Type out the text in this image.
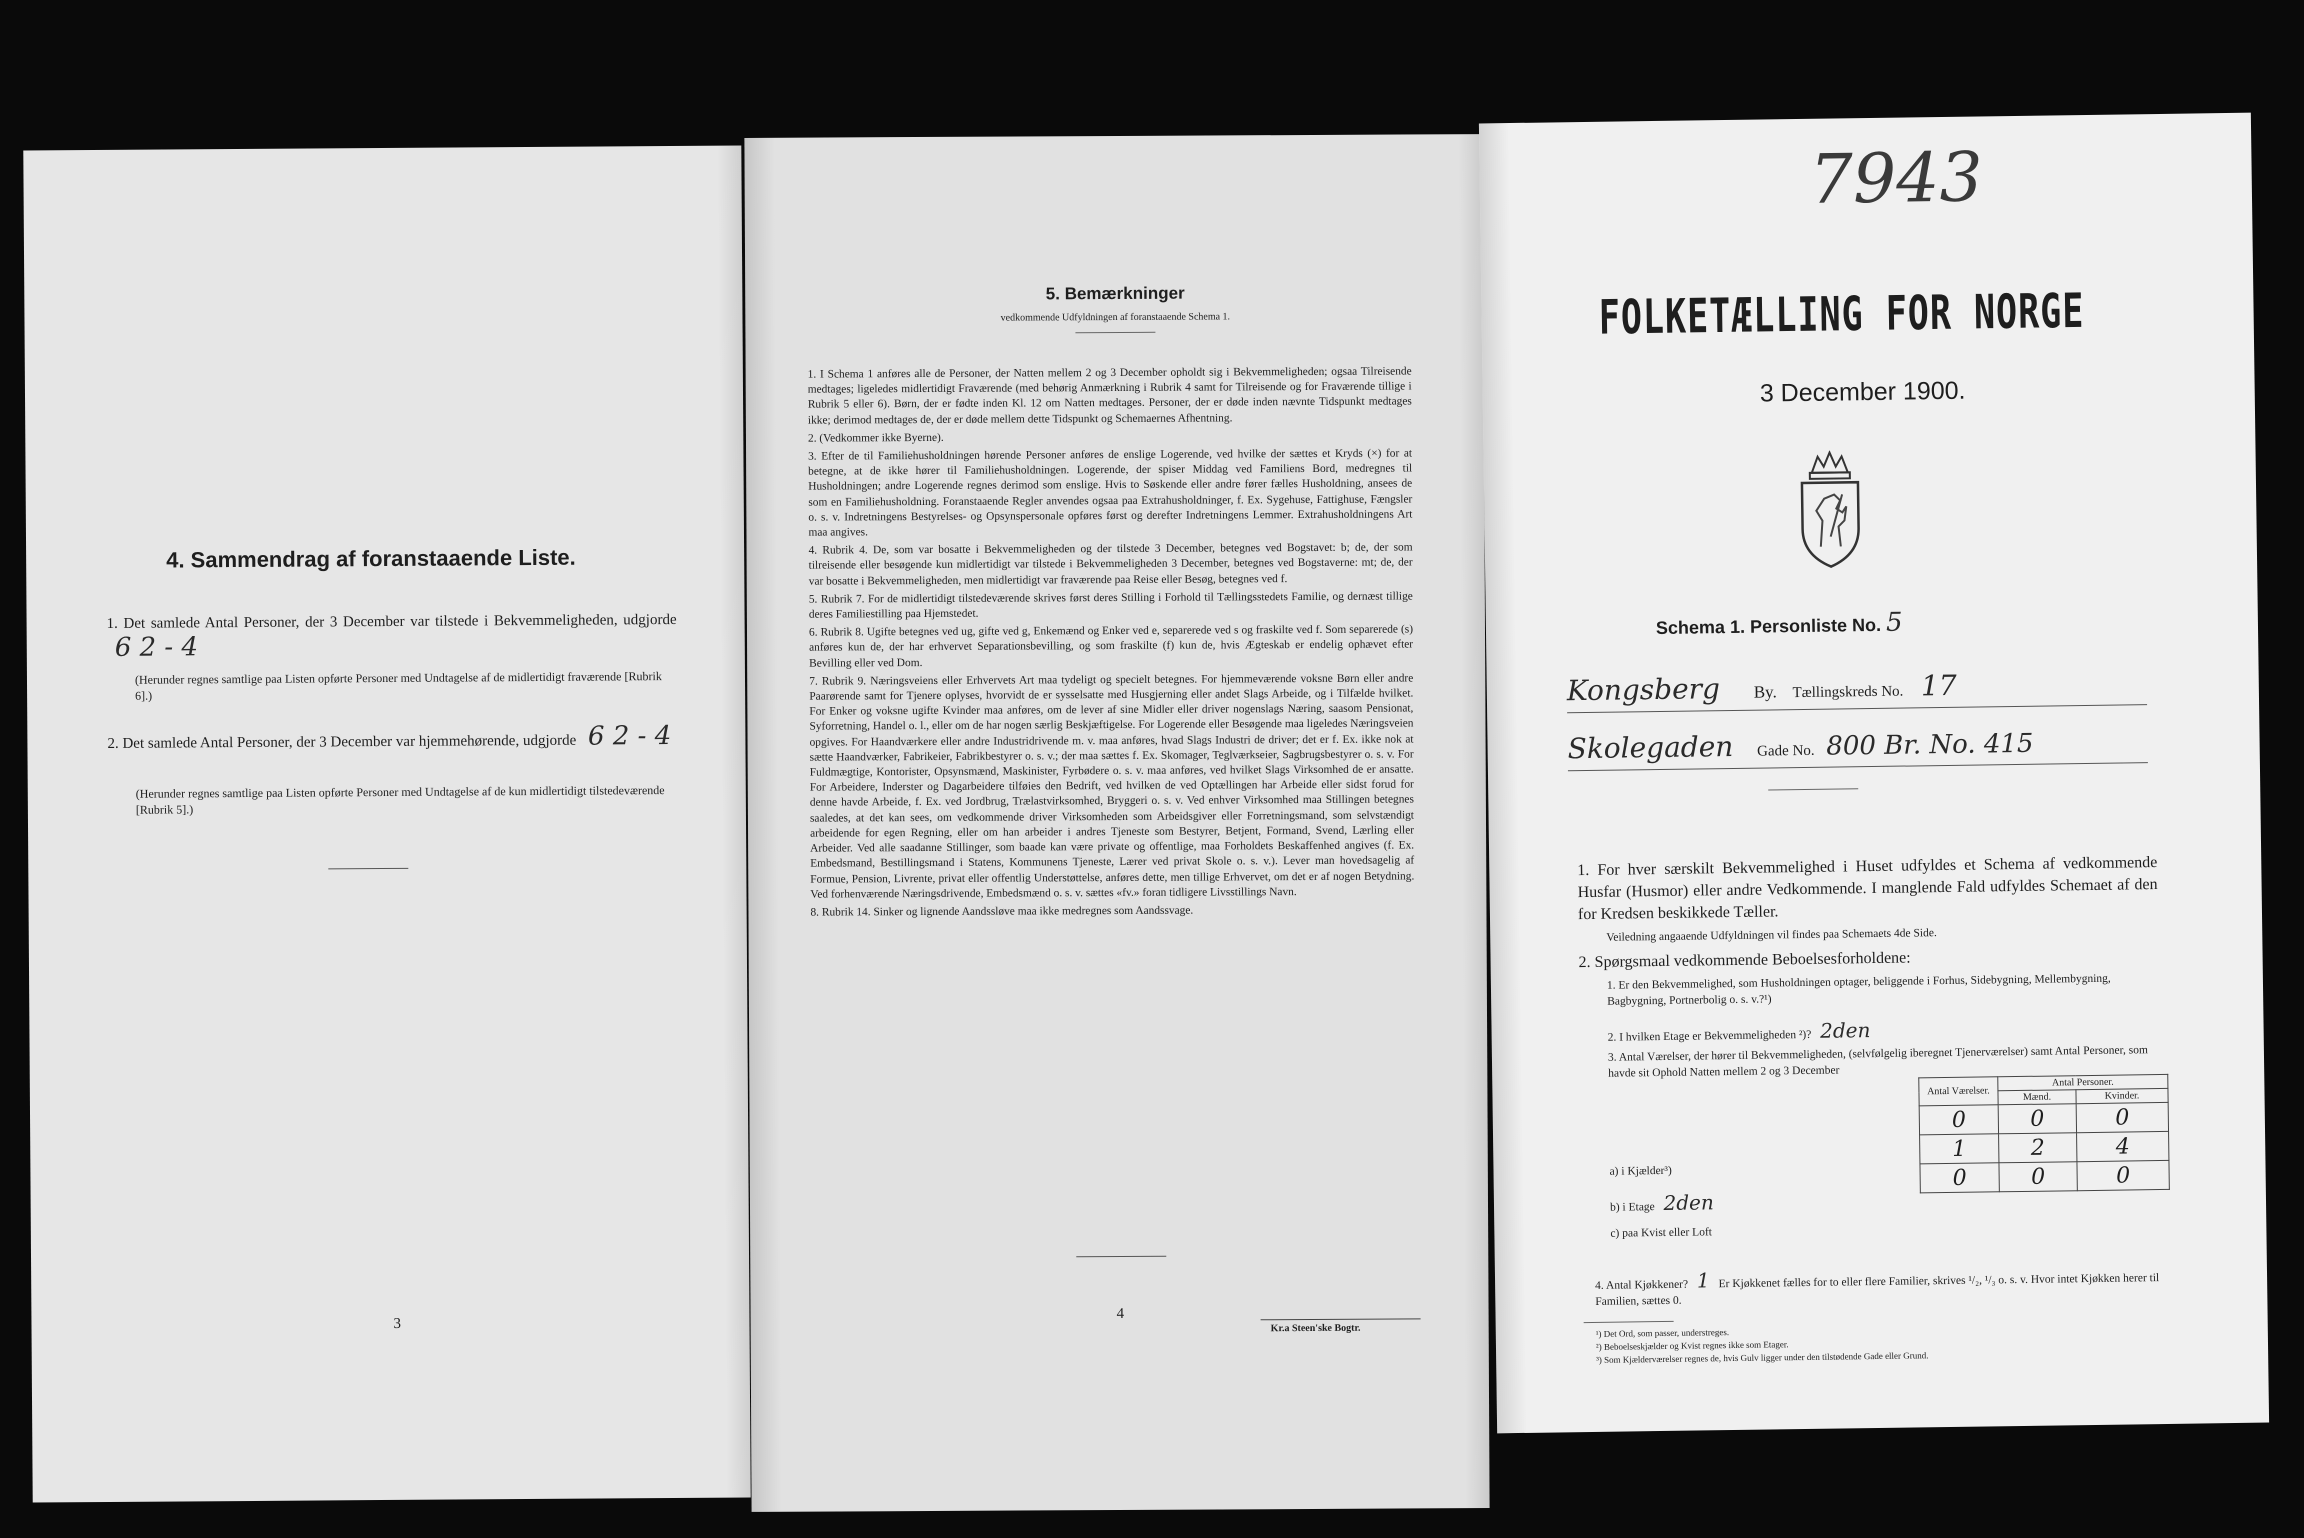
4. Sammendrag af foranstaaende Liste.
1. Det samlede Antal Personer, der 3 December var tilstede i Bekvemmeligheden, udgjorde 6 2 - 4
(Herunder regnes samtlige paa Listen opførte Personer med Undtagelse af de midlertidigt fraværende [Rubrik 6].)
2. Det samlede Antal Personer, der 3 December var hjemmehørende, udgjorde 6 2 - 4
(Herunder regnes samtlige paa Listen opførte Personer med Undtagelse af de kun midlertidigt tilstedeværende [Rubrik 5].)
3
5. Bemærkninger
vedkommende Udfyldningen af foranstaaende Schema 1.

1. I Schema 1 anføres alle de Personer, der Natten mellem 2 og 3 December opholdt sig i Bekvemmeligheden; ogsaa Tilreisende medtages; ligeledes midlertidigt Fraværende (med behørig Anmærkning i Rubrik 4 samt for Tilreisende og for Fraværende tillige i Rubrik 5 eller 6). Børn, der er fødte inden Kl. 12 om Natten medtages. Personer, der er døde inden nævnte Tidspunkt medtages ikke; derimod medtages de, der er døde mellem dette Tidspunkt og Schemaernes Afhentning.

2. (Vedkommer ikke Byerne).

3. Efter de til Familiehusholdningen hørende Personer anføres de enslige Logerende, ved hvilke der sættes et Kryds (×) for at betegne, at de ikke hører til Familiehusholdningen. Logerende, der spiser Middag ved Familiens Bord, medregnes til Husholdningen; andre Logerende regnes derimod som enslige. Hvis to Søskende eller andre fører fælles Husholdning, ansees de som en Familiehusholdning. Foranstaaende Regler anvendes ogsaa paa Extrahusholdninger, f. Ex. Sygehuse, Fattighuse, Fængsler o. s. v. Indretningens Bestyrelses- og Opsynspersonale opføres først og derefter Indretningens Lemmer. Extrahusholdningens Art maa angives.

4. Rubrik 4. De, som var bosatte i Bekvemmeligheden og der tilstede 3 December, betegnes ved Bogstavet: b; de, der som tilreisende eller besøgende kun midlertidigt var tilstede i Bekvemmeligheden 3 December, betegnes ved Bogstaverne: mt; de, der var bosatte i Bekvemmeligheden, men midlertidigt var fraværende paa Reise eller Besøg, betegnes ved f.

5. Rubrik 7. For de midlertidigt tilstedeværende skrives først deres Stilling i Forhold til Tællingsstedets Familie, og dernæst tillige deres Familiestilling paa Hjemstedet.

6. Rubrik 8. Ugifte betegnes ved ug, gifte ved g, Enkemænd og Enker ved e, separerede ved s og fraskilte ved f. Som separerede (s) anføres kun de, der har erhvervet Separationsbevilling, og som fraskilte (f) kun de, hvis Ægteskab er endelig ophævet efter Bevilling eller ved Dom.

7. Rubrik 9. Næringsveiens eller Erhvervets Art maa tydeligt og specielt betegnes. For hjemmeværende voksne Børn eller andre Paarørende samt for Tjenere oplyses, hvorvidt de er sysselsatte med Husgjerning eller andet Slags Arbeide, og i Tilfælde hvilket. For Enker og voksne ugifte Kvinder maa anføres, om de lever af sine Midler eller driver nogenslags Næring, saasom Pensionat, Syforretning, Handel o. l., eller om de har nogen særlig Beskjæftigelse. For Logerende eller Besøgende maa ligeledes Næringsveien opgives. For Haandværkere eller andre Industridrivende m. v. maa anføres, hvad Slags Industri de driver; det er f. Ex. ikke nok at sætte Haandværker, Fabrikeier, Fabrikbestyrer o. s. v.; der maa sættes f. Ex. Skomager, Teglværkseier, Sagbrugsbestyrer o. s. v. For Fuldmægtige, Kontorister, Opsynsmænd, Maskinister, Fyrbødere o. s. v. maa anføres, ved hvilket Slags Virksomhed de er ansatte. For Arbeidere, Inderster og Dagarbeidere tilføies den Bedrift, ved hvilken de ved Optællingen har Arbeide eller sidst forud for denne havde Arbeide, f. Ex. ved Jordbrug, Trælastvirksomhed, Bryggeri o. s. v. Ved enhver Virksomhed maa Stillingen betegnes saaledes, at det kan sees, om vedkommende driver Virksomheden som Arbeidsgiver eller Forretningsmand, som selvstændigt arbeidende for egen Regning, eller om han arbeider i andres Tjeneste som Bestyrer, Betjent, Formand, Svend, Lærling eller Arbeider. Ved alle saadanne Stillinger, som baade kan være private og offentlige, maa Forholdets Beskaffenhed angives (f. Ex. Embedsmand, Bestillingsmand i Statens, Kommunens Tjeneste, Lærer ved privat Skole o. s. v.). Lever man hovedsagelig af Formue, Pension, Livrente, privat eller offentlig Understøttelse, anføres dette, men tillige Erhvervet, om det er af nogen Betydning. Ved forhenværende Næringsdrivende, Embedsmænd o. s. v. sættes «fv.» foran tidligere Livsstillings Navn.

8. Rubrik 14. Sinker og lignende Aandssløve maa ikke medregnes som Aandssvage.

4
Kr.a Steen'ske Bogtr.
7943
FOLKETÆLLING FOR NORGE
3 December 1900.
Schema 1. Personliste No. 5
Kongsberg By. Tællingskreds No. 17
Skolegaden Gade No. 800 Br. No. 415
1. For hver særskilt Bekvemmelighed i Huset udfyldes et Schema af vedkommende Husfar (Husmor) eller andre Vedkommende. I manglende Fald udfyldes Schemaet af den for Kredsen beskikkede Tæller.
Veiledning angaaende Udfyldningen vil findes paa Schemaets 4de Side.
2. Spørgsmaal vedkommende Beboelsesforholdene:
1. Er den Bekvemmelighed, som Husholdningen optager, beliggende i Forhus, Sidebygning, Mellembygning, Bagbygning, Portnerbolig o. s. v.?¹)
2. I hvilken Etage er Bekvemmeligheden ²)? 2den
3. Antal Værelser, der hører til Bekvemmeligheden, (selvfølgelig iberegnet Tjenerværelser) samt Antal Personer, som havde sit Ophold Natten mellem 2 og 3 December
a) i Kjælder³)
b) i Etage 2den
c) paa Kvist eller Loft
Antal Værelser.	Antal Personer.	
	Mænd.	Kvinder.
0	0	0
1	2	4
0	0	0
4. Antal Kjøkkener? 1 Er Kjøkkenet fælles for to eller flere Familier, skrives ¹/₂, ¹/₃ o. s. v. Hvor intet Kjøkken herer til Familien, sættes 0.
¹) Det Ord, som passer, understreges.
²) Beboelseskjælder og Kvist regnes ikke som Etager.
³) Som Kjælderværelser regnes de, hvis Gulv ligger under den tilstødende Gade eller Grund.
